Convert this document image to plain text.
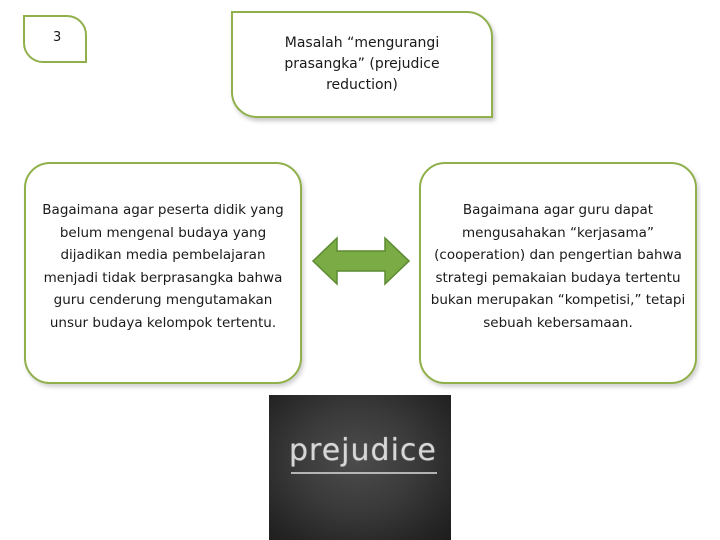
3	Masalah “mengurangi prasangka” (prejudice reduction)

Bagaimana agar peserta didik yang belum mengenal budaya yang dijadikan media pembelajaran menjadi tidak berprasangka bahwa guru cenderung mengutamakan unsur budaya kelompok tertentu.

Bagaimana agar guru dapat mengusahakan “kerjasama” (cooperation) dan pengertian bahwa strategi pemakaian budaya tertentu bukan merupakan “kompetisi,” tetapi sebuah kebersamaan.

prejudice
